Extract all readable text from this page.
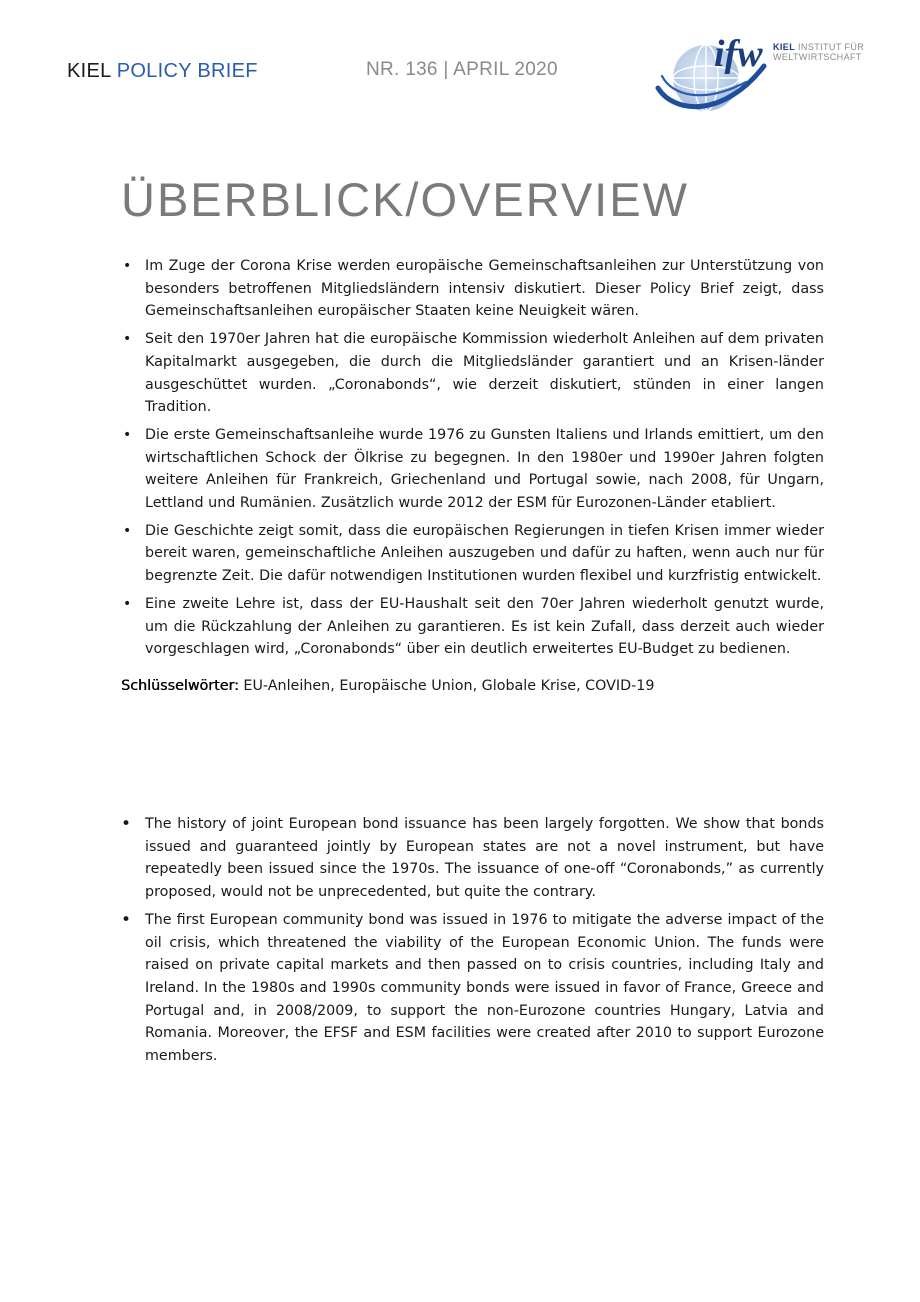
KIEL POLICY BRIEF	NR. 136 | APRIL 2020	ifw KIEL INSTITUT FÜR
WELTWIRTSCHAFT
ÜBERBLICK/OVERVIEW
• Im Zuge der Corona Krise werden europäische Gemeinschaftsanleihen zur Unterstützung von besonders betroffenen Mitgliedsländern intensiv diskutiert. Dieser Policy Brief zeigt, dass Gemeinschaftsanleihen europäischer Staaten keine Neuigkeit wären.
• Seit den 1970er Jahren hat die europäische Kommission wiederholt Anleihen auf dem privaten Kapitalmarkt ausgegeben, die durch die Mitgliedsländer garantiert und an Krisen-länder ausgeschüttet wurden. „Coronabonds“, wie derzeit diskutiert, stünden in einer langen Tradition.
• Die erste Gemeinschaftsanleihe wurde 1976 zu Gunsten Italiens und Irlands emittiert, um den wirtschaftlichen Schock der Ölkrise zu begegnen. In den 1980er und 1990er Jahren folgten weitere Anleihen für Frankreich, Griechenland und Portugal sowie, nach 2008, für Ungarn, Lettland und Rumänien. Zusätzlich wurde 2012 der ESM für Eurozonen-Länder etabliert.
• Die Geschichte zeigt somit, dass die europäischen Regierungen in tiefen Krisen immer wieder bereit waren, gemeinschaftliche Anleihen auszugeben und dafür zu haften, wenn auch nur für begrenzte Zeit. Die dafür notwendigen Institutionen wurden flexibel und kurzfristig entwickelt.
• Eine zweite Lehre ist, dass der EU-Haushalt seit den 70er Jahren wiederholt genutzt wurde, um die Rückzahlung der Anleihen zu garantieren. Es ist kein Zufall, dass derzeit auch wieder vorgeschlagen wird, „Coronabonds“ über ein deutlich erweitertes EU-Budget zu bedienen.
Schlüsselwörter: EU-Anleihen, Europäische Union, Globale Krise, COVID-19
• The history of joint European bond issuance has been largely forgotten. We show that bonds issued and guaranteed jointly by European states are not a novel instrument, but have repeatedly been issued since the 1970s. The issuance of one-off “Coronabonds,” as currently proposed, would not be unprecedented, but quite the contrary.
• The first European community bond was issued in 1976 to mitigate the adverse impact of the oil crisis, which threatened the viability of the European Economic Union. The funds were raised on private capital markets and then passed on to crisis countries, including Italy and Ireland. In the 1980s and 1990s community bonds were issued in favor of France, Greece and Portugal and, in 2008/2009, to support the non-Eurozone countries Hungary, Latvia and Romania. Moreover, the EFSF and ESM facilities were created after 2010 to support Eurozone members.
